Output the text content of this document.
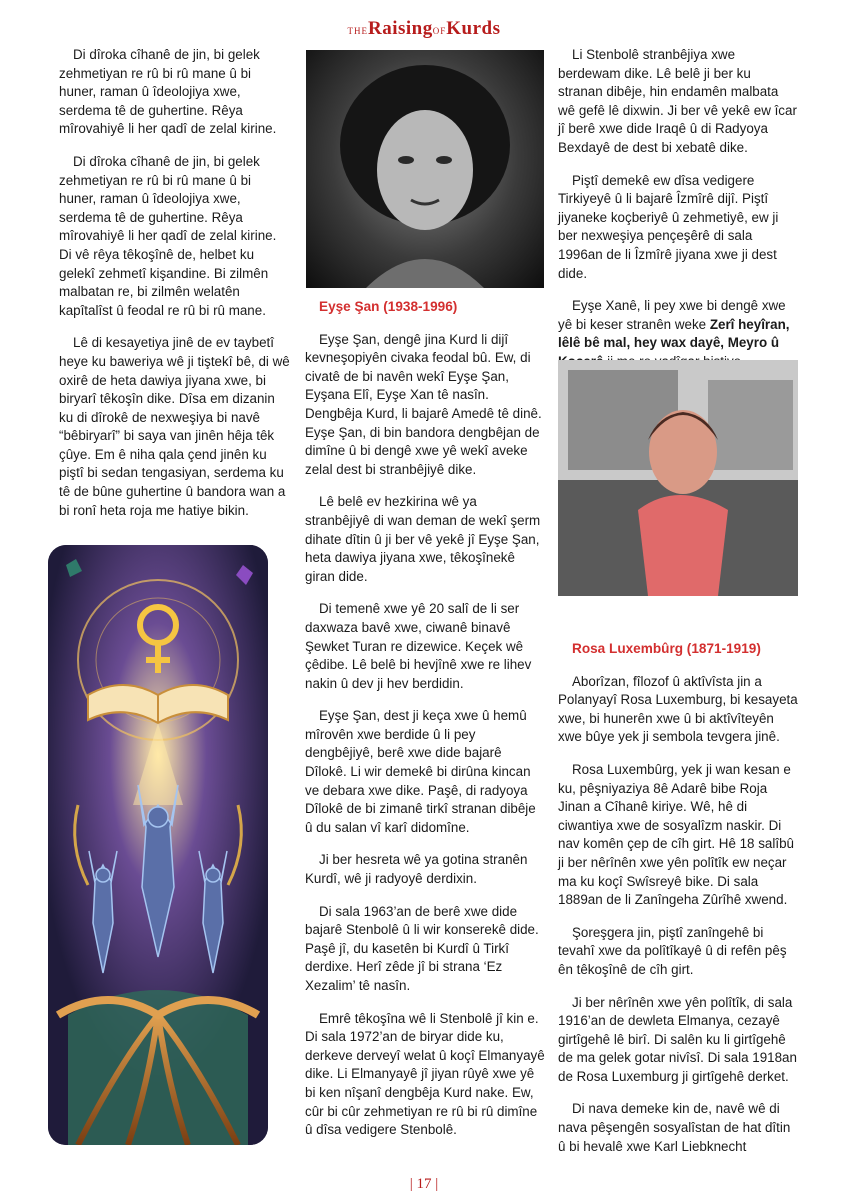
THERaisingOFKurds

Di dîroka cîhanê de jin, bi gelek zehmetiyan re rû bi rû mane û bi huner, raman û îdeolojiya xwe, serdema tê de guhertine. Rêya mîrovahiyê li her qadî de zelal kirine.

Di dîroka cîhanê de jin, bi gelek zehmetiyan re rû bi rû mane û bi huner, raman û îdeolojiya xwe, serdema tê de guhertine. Rêya mîrovahiyê li her qadî de zelal kirine. Di vê rêya têkoşînê de, helbet ku gelekî zehmetî kişandine. Bi zilmên malbatan re, bi zilmên welatên kapîtalîst û feodal re rû bi rû mane.

Lê di kesayetiya jinê de ev taybetî heye ku baweriya wê ji tiştekî bê, di wê oxirê de heta dawiya jiyana xwe, bi biryarî têkoşîn dike. Dîsa em dizanin ku di dîrokê de nexweşiya bi navê “bêbiryarî” bi saya van jinên hêja têk çûye. Em ê niha qala çend jinên ku piştî bi sedan tengasiyan, serdema ku tê de bûne guhertine û bandora wan a bi ronî heta roja me hatiye bikin.

Eyşe Şan (1938-1996)

Eyşe Şan, dengê jina Kurd li dijî kevneşopiyên civaka feodal bû. Ew, di civatê de bi navên wekî Eyşe Şan, Eyşana Elî, Eyşe Xan tê nasîn. Dengbêja Kurd, li bajarê Amedê tê dinê. Eyşe Şan, di bin bandora dengbêjan de dimîne û bi dengê xwe yê wekî aveke zelal dest bi stranbêjiyê dike.

Lê belê ev hezkirina wê ya stranbêjiyê di wan deman de wekî şerm dihate dîtin û ji ber vê yekê jî Eyşe Şan, heta dawiya jiyana xwe, têkoşînekê giran dide.

Di temenê xwe yê 20 salî de li ser daxwaza bavê xwe, ciwanê binavê Şewket Turan re dizewice. Keçek wê çêdibe. Lê belê bi hevjînê xwe re lihev nakin û dev ji hev berdidin.

Eyşe Şan, dest ji keça xwe û hemû mîrovên xwe berdide û li pey dengbêjiyê, berê xwe dide bajarê Dîlokê. Li wir demekê bi dirûna kincan ve debara xwe dike. Paşê, di radyoya Dîlokê de bi zimanê tirkî stranan dibêje û du salan vî karî didomîne.

Ji ber hesreta wê ya gotina stranên Kurdî, wê ji radyoyê derdixin.

Di sala 1963’an de berê xwe dide bajarê Stenbolê û li wir konserekê dide. Paşê jî, du kasetên bi Kurdî û Tirkî derdixe. Herî zêde jî bi strana ‘Ez Xezalim’ tê nasîn.

Emrê têkoşîna wê li Stenbolê jî kin e. Di sala 1972’an de biryar dide ku, derkeve derveyî welat û koçî Elmanyayê dike. Li Elmanyayê jî jiyan rûyê xwe yê bi ken nîşanî dengbêja Kurd nake. Ew, cûr bi cûr zehmetiyan re rû bi rû dimîne û dîsa vedigere Stenbolê.

Li Stenbolê stranbêjiya xwe berdewam dike. Lê belê ji ber ku stranan dibêje, hin endamên malbata wê gefê lê dixwin. Ji ber vê yekê ew îcar jî berê xwe dide Iraqê û di Radyoya Bexdayê de dest bi xebatê dike.

Piştî demekê ew dîsa vedigere Tirkiyeyê û li bajarê Îzmîrê dijî. Piştî jiyaneke koçberiyê û zehmetiyê, ew ji ber nexweşiya pençeşêrê di sala 1996an de li Îzmîrê jiyana xwe ji dest dide.

Eyşe Xanê, li pey xwe bi dengê xwe yê bi keser stranên weke Zerî heyîran, lêlê bê mal, hey wax dayê, Meyro û

Rosa Luxembûrg (1871-1919)

Aborîzan, fîlozof û aktîvîsta jin a Polanyayî Rosa Luxemburg, bi kesayeta xwe, bi hunerên xwe û bi aktîvîteyên xwe bûye yek ji sembola tevgera jinê.

Rosa Luxembûrg, yek ji wan kesan e ku, pêşniyaziya 8ê Adarê bibe Roja Jinan a Cîhanê kiriye. Wê, hê di ciwantiya xwe de sosyalîzm naskir. Di nav komên çep de cîh girt. Hê 18 salîbû ji ber nêrînên xwe yên polîtîk ew neçar ma ku koçî Swîsreyê bike. Di sala 1889an de li Zanîngeha Zûrîhê xwend.

Şoreşgera jin, piştî zanîngehê bi tevahî xwe da polîtîkayê û di refên pêş ên têkoşînê de cîh girt.

Ji ber nêrînên xwe yên polîtîk, di sala 1916’an de dewleta Elmanya, cezayê girtîgehê lê birî. Di salên ku li girtîgehê de ma gelek gotar nivîsî. Di sala 1918an de Rosa Luxemburg ji girtîgehê derket.

Di nava demeke kin de, navê wê di nava pêşengên sosyalîstan de hat dîtin û bi hevalê xwe Karl Liebknecht

| 17 |
